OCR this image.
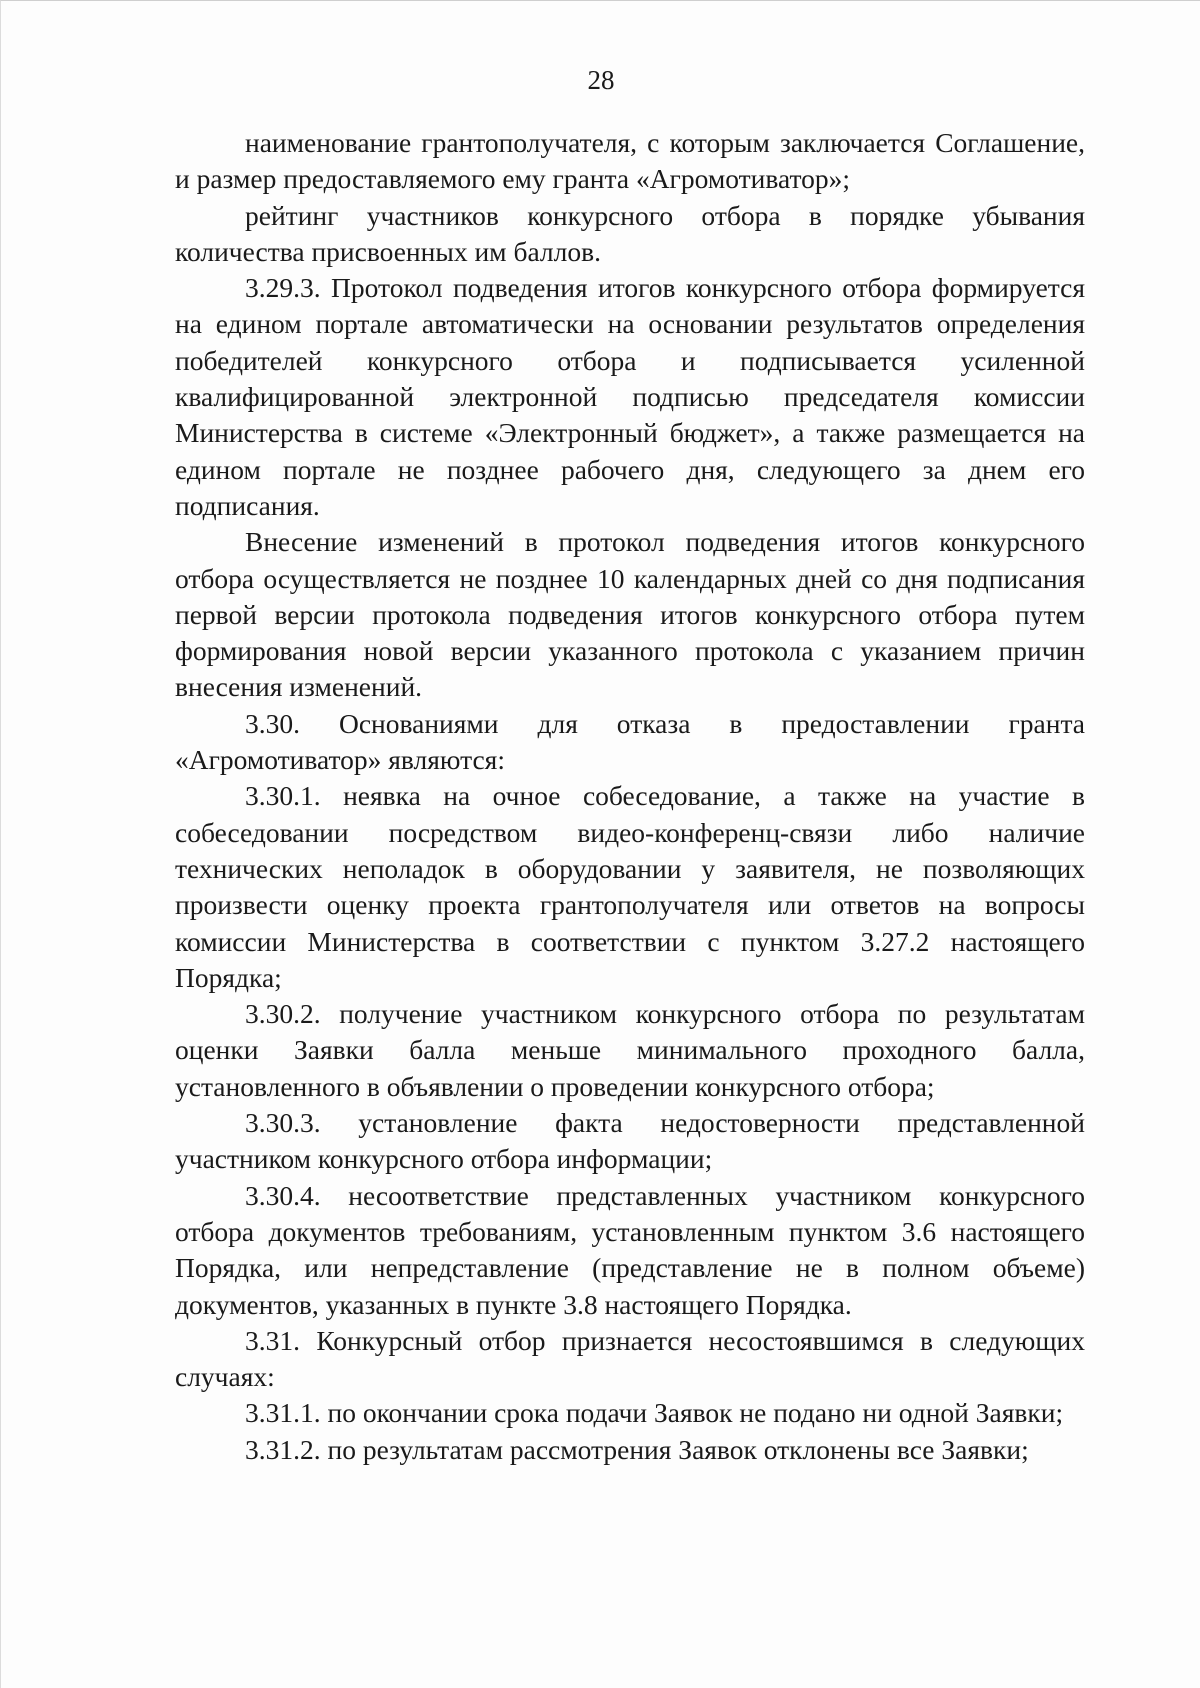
28

наименование грантополучателя, с которым заключается Соглашение, и размер предоставляемого ему гранта «Агромотиватор»;

рейтинг участников конкурсного отбора в порядке убывания количества присвоенных им баллов.

3.29.3. Протокол подведения итогов конкурсного отбора формируется на едином портале автоматически на основании результатов определения победителей конкурсного отбора и подписывается усиленной квалифицированной электронной подписью председателя комиссии Министерства в системе «Электронный бюджет», а также размещается на едином портале не позднее рабочего дня, следующего за днем его подписания.

Внесение изменений в протокол подведения итогов конкурсного отбора осуществляется не позднее 10 календарных дней со дня подписания первой версии протокола подведения итогов конкурсного отбора путем формирования новой версии указанного протокола с указанием причин внесения изменений.

3.30. Основаниями для отказа в предоставлении гранта «Агромотиватор» являются:

3.30.1. неявка на очное собеседование, а также на участие в собеседовании посредством видео-конференц-связи либо наличие технических неполадок в оборудовании у заявителя, не позволяющих произвести оценку проекта грантополучателя или ответов на вопросы комиссии Министерства в соответствии с пунктом 3.27.2 настоящего Порядка;

3.30.2. получение участником конкурсного отбора по результатам оценки Заявки балла меньше минимального проходного балла, установленного в объявлении о проведении конкурсного отбора;

3.30.3. установление факта недостоверности представленной участником конкурсного отбора информации;

3.30.4. несоответствие представленных участником конкурсного отбора документов требованиям, установленным пунктом 3.6 настоящего Порядка, или непредставление (представление не в полном объеме) документов, указанных в пункте 3.8 настоящего Порядка.

3.31. Конкурсный отбор признается несостоявшимся в следующих случаях:

3.31.1. по окончании срока подачи Заявок не подано ни одной Заявки;

3.31.2. по результатам рассмотрения Заявок отклонены все Заявки;
